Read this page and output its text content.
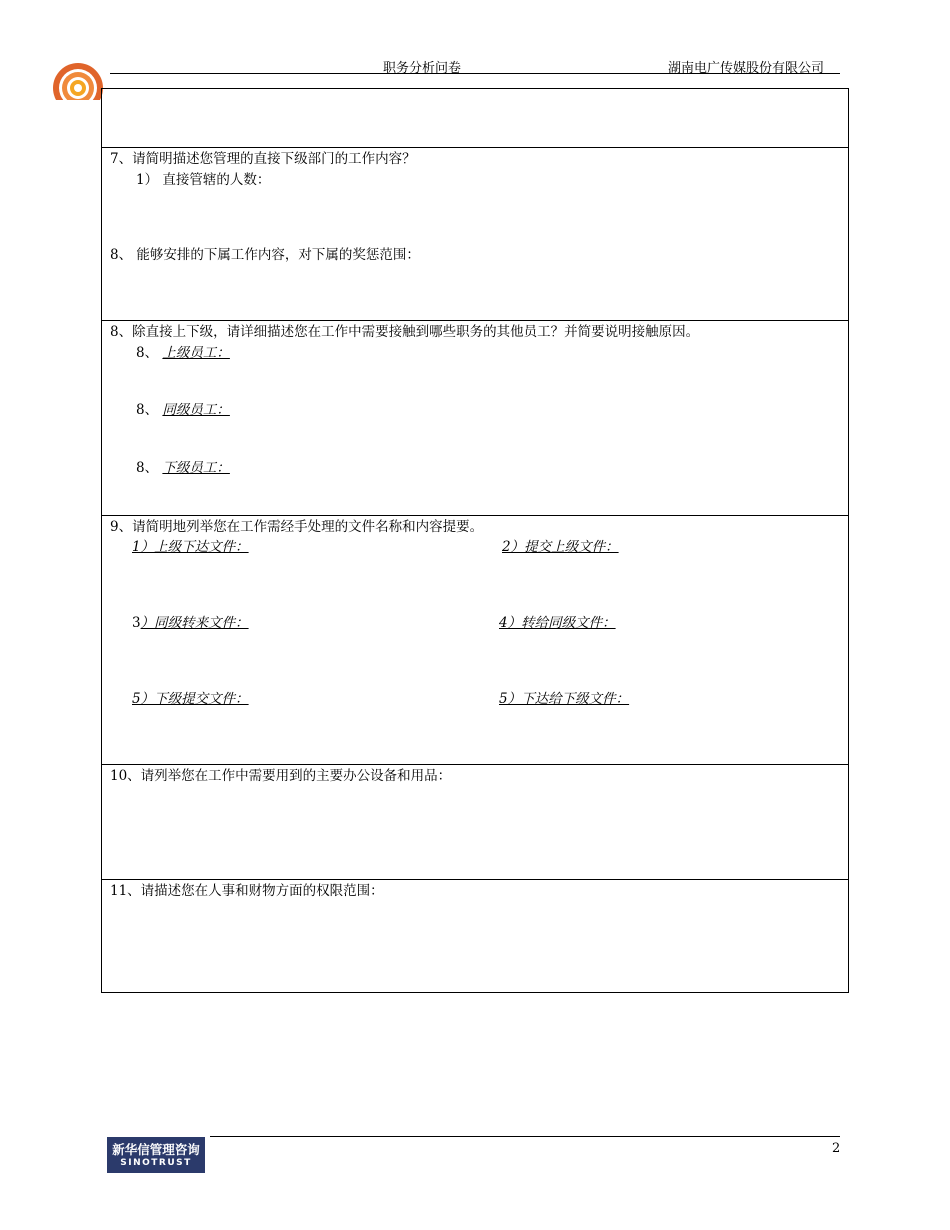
职务分析问卷	湖南电广传媒股份有限公司
7、请简明描述您管理的直接下级部门的工作内容？
1） 直接管辖的人数：
8、 能够安排的下属工作内容，对下属的奖惩范围：
8、除直接上下级，请详细描述您在工作中需要接触到哪些职务的其他员工？并简要说明接触原因。
8、 上级员工：
8、 同级员工：
8、 下级员工：
9、请简明地列举您在工作需经手处理的文件名称和内容提要。
1）上级下达文件：	2）提交上级文件：
3）同级转来文件：	4）转给同级文件：
5）下级提交文件：	5）下达给下级文件：
10、请列举您在工作中需要用到的主要办公设备和用品：
11、请描述您在人事和财物方面的权限范围：
新华信管理咨询
SINOTRUST
2
